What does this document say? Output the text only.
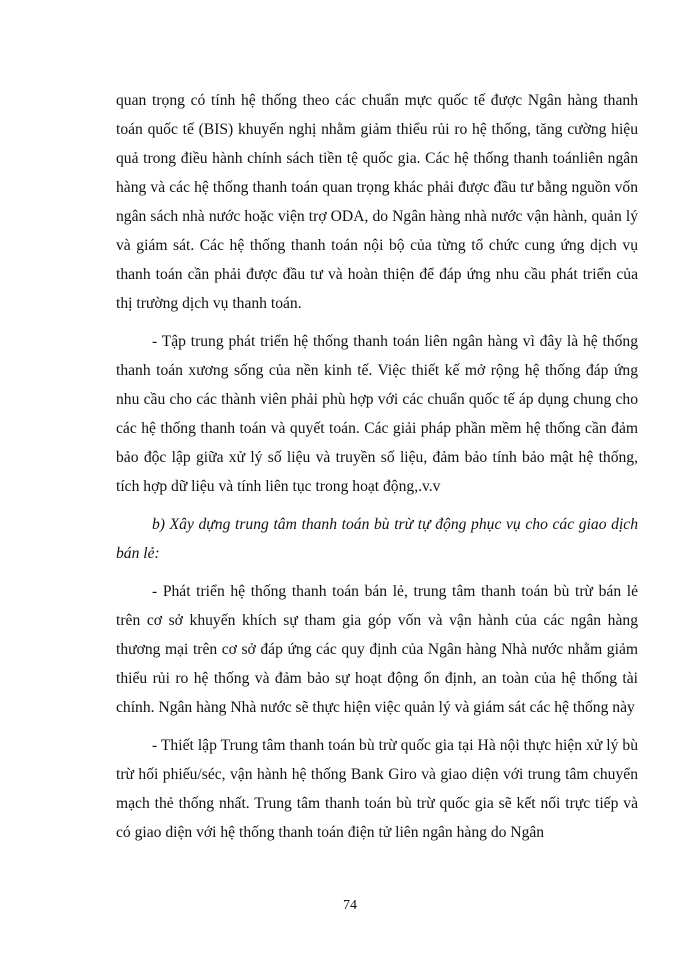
quan trọng có tính hệ thống theo các chuẩn mực quốc tế được Ngân hàng thanh toán quốc tế (BIS) khuyến nghị nhằm giảm thiểu rủi ro hệ thống, tăng cường hiệu quả trong điều hành chính sách tiền tệ quốc gia. Các hệ thống thanh toánliên ngân hàng và các hệ thống thanh toán quan trọng khác phải được đầu tư bằng nguồn vốn ngân sách nhà nước hoặc viện trợ ODA, do Ngân hàng nhà nước vận hành, quản lý và giám sát. Các hệ thống thanh toán nội bộ của từng tổ chức cung ứng dịch vụ thanh toán cần phải được đầu tư và hoàn thiện để đáp ứng nhu cầu phát triển của thị trường dịch vụ thanh toán.

- Tập trung phát triển hệ thống thanh toán liên ngân hàng vì đây là hệ thống thanh toán xương sống của nền kinh tế. Việc thiết kế mở rộng hệ thống đáp ứng nhu cầu cho các thành viên phải phù hợp với các chuẩn quốc tế áp dụng chung cho các hệ thống thanh toán và quyết toán. Các giải pháp phần mềm hệ thống cần đảm bảo độc lập giữa xử lý số liệu và truyền số liệu, đảm bảo tính bảo mật hệ thống, tích hợp dữ liệu và tính liên tục trong hoạt động,.v.v

b) Xây dựng trung tâm thanh toán bù trừ tự động phục vụ cho các giao dịch bán lẻ:

- Phát triển hệ thống thanh toán bán lẻ, trung tâm thanh toán bù trừ bán lẻ trên cơ sở khuyến khích sự tham gia góp vốn và vận hành của các ngân hàng thương mại trên cơ sở đáp ứng các quy định của Ngân hàng Nhà nước nhằm giảm thiểu rủi ro hệ thống và đảm bảo sự hoạt động ổn định, an toàn của hệ thống tài chính. Ngân hàng Nhà nước sẽ thực hiện việc quản lý và giám sát các hệ thống này

- Thiết lập Trung tâm thanh toán bù trừ quốc gia tại Hà nội thực hiện xử lý bù trừ hối phiếu/séc, vận hành hệ thống Bank Giro và giao diện với trung tâm chuyển mạch thẻ thống nhất. Trung tâm thanh toán bù trừ quốc gia sẽ kết nối trực tiếp và có giao diện với hệ thống thanh toán điện tử liên ngân hàng do Ngân

74
